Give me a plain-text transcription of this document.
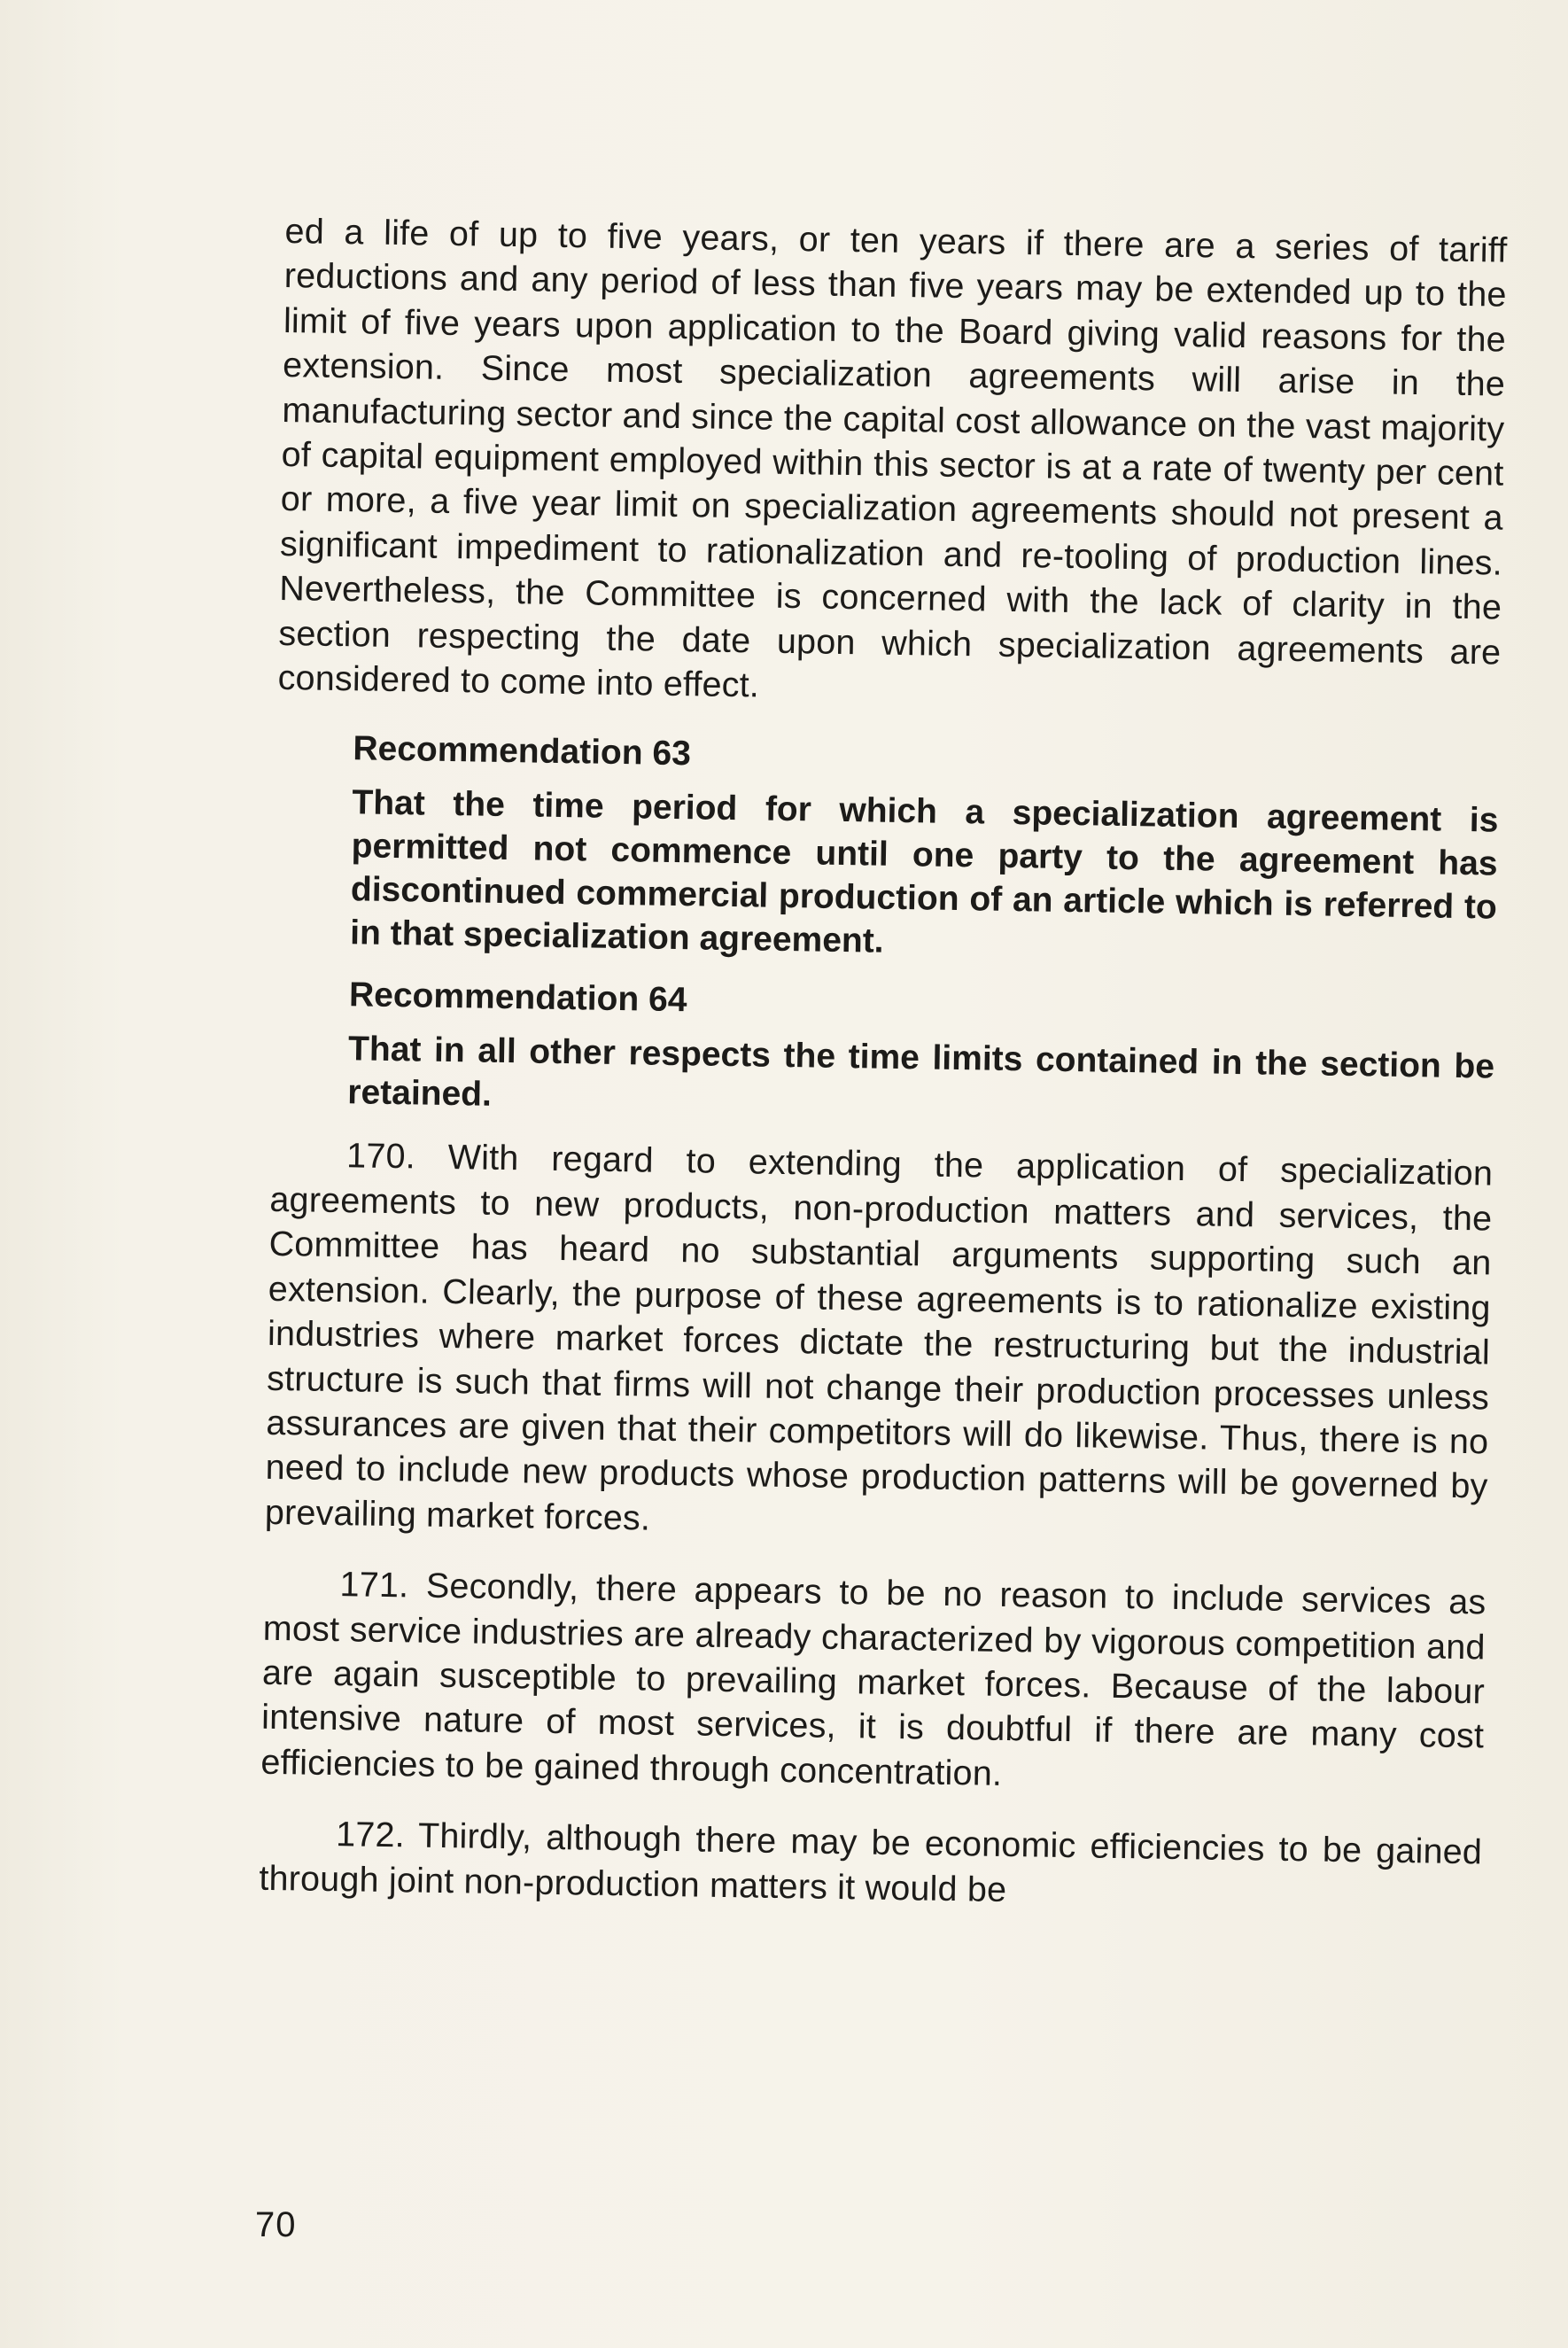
ed a life of up to five years, or ten years if there are a series of tariff reductions and any period of less than five years may be extended up to the limit of five years upon application to the Board giving valid reasons for the extension. Since most specialization agreements will arise in the manufacturing sector and since the capital cost allowance on the vast majority of capital equipment employed within this sector is at a rate of twenty per cent or more, a five year limit on specialization agreements should not present a significant impediment to rationalization and re-tooling of production lines. Nevertheless, the Committee is concerned with the lack of clarity in the section respecting the date upon which specialization agreements are considered to come into effect.

Recommendation 63

That the time period for which a specialization agreement is permitted not commence until one party to the agreement has discontinued commercial production of an article which is referred to in that specialization agreement.

Recommendation 64

That in all other respects the time limits contained in the section be retained.

170. With regard to extending the application of specialization agreements to new products, non-production matters and services, the Committee has heard no substantial arguments supporting such an extension. Clearly, the purpose of these agreements is to rationalize existing industries where market forces dictate the restructuring but the industrial structure is such that firms will not change their production processes unless assurances are given that their competitors will do likewise. Thus, there is no need to include new products whose production patterns will be governed by prevailing market forces.

171. Secondly, there appears to be no reason to include services as most service industries are already characterized by vigorous competition and are again susceptible to prevailing market forces. Because of the labour intensive nature of most services, it is doubtful if there are many cost efficiencies to be gained through concentration.

172. Thirdly, although there may be economic efficiencies to be gained through joint non-production matters it would be

70
